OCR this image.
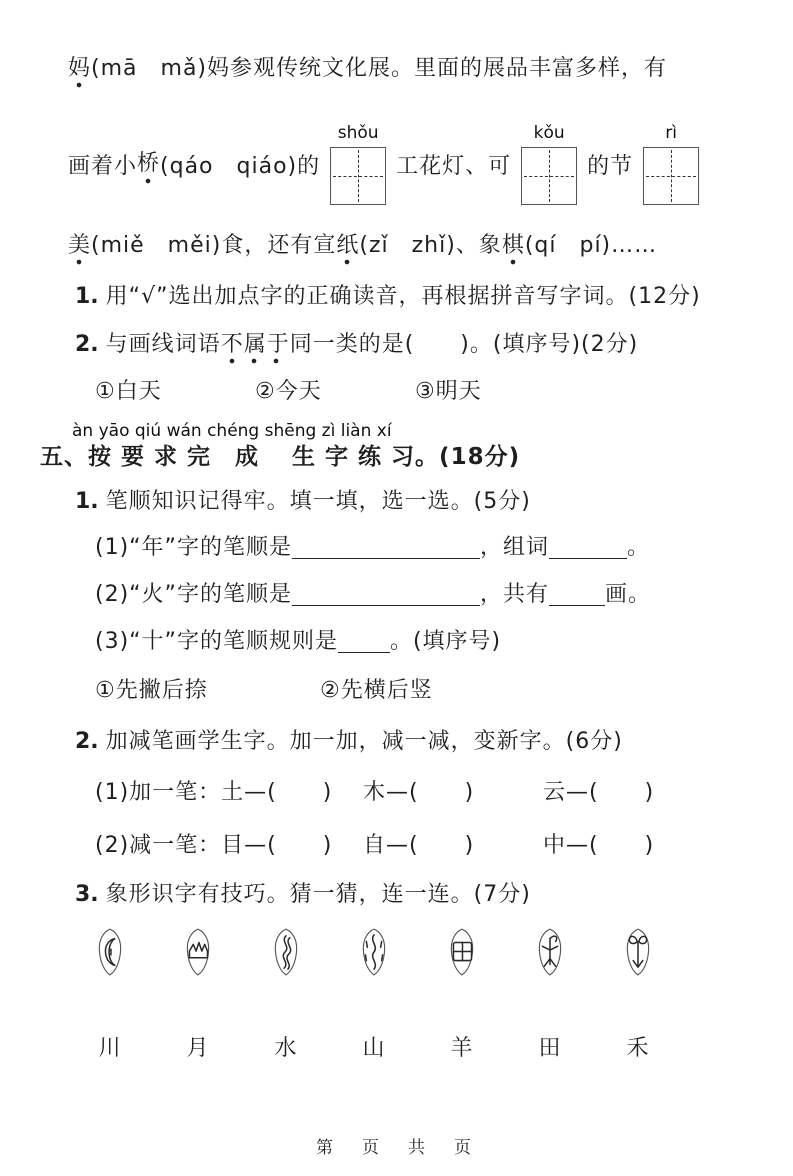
妈(mā　mǎ)妈参观传统文化展。里面的展品丰富多样，有
画着小 桥 (qáo　qiáo)的
shǒu
工花灯、可
kǒu
的节
rì
美(miě　měi)食，还有宣纸(zǐ　zhǐ)、象棋(qí　pí)……
1. 用“√”选出加点字的正确读音，再根据拼音写字词。(12分)
2. 与画线词语不属于同一类的是(　　)。(填序号)(2分)
①白天	②今天	③明天
àn yāo qiú wán chéng shēng zì liàn xí
五、按 要 求 完　成　 生 字 练 习。(18分)
1. 笔顺知识记得牢。填一填，选一选。(5分)
(1)“年”字的笔顺是	，组词	。
(2)“火”字的笔顺是	，共有	画。
(3)“十”字的笔顺规则是 。(填序号)
①先撇后捺	②先横后竖
2. 加减笔画学生字。加一加，减一减，变新字。(6分)
(1)加一笔：土—(　　)	木—(　　)	云—(　　)
(2)减一笔：目—(　　)	自—(　　)	中—(　　)
3. 象形识字有技巧。猜一猜，连一连。(7分)
川	月	水	山	羊	田	禾
第　页　共　页
